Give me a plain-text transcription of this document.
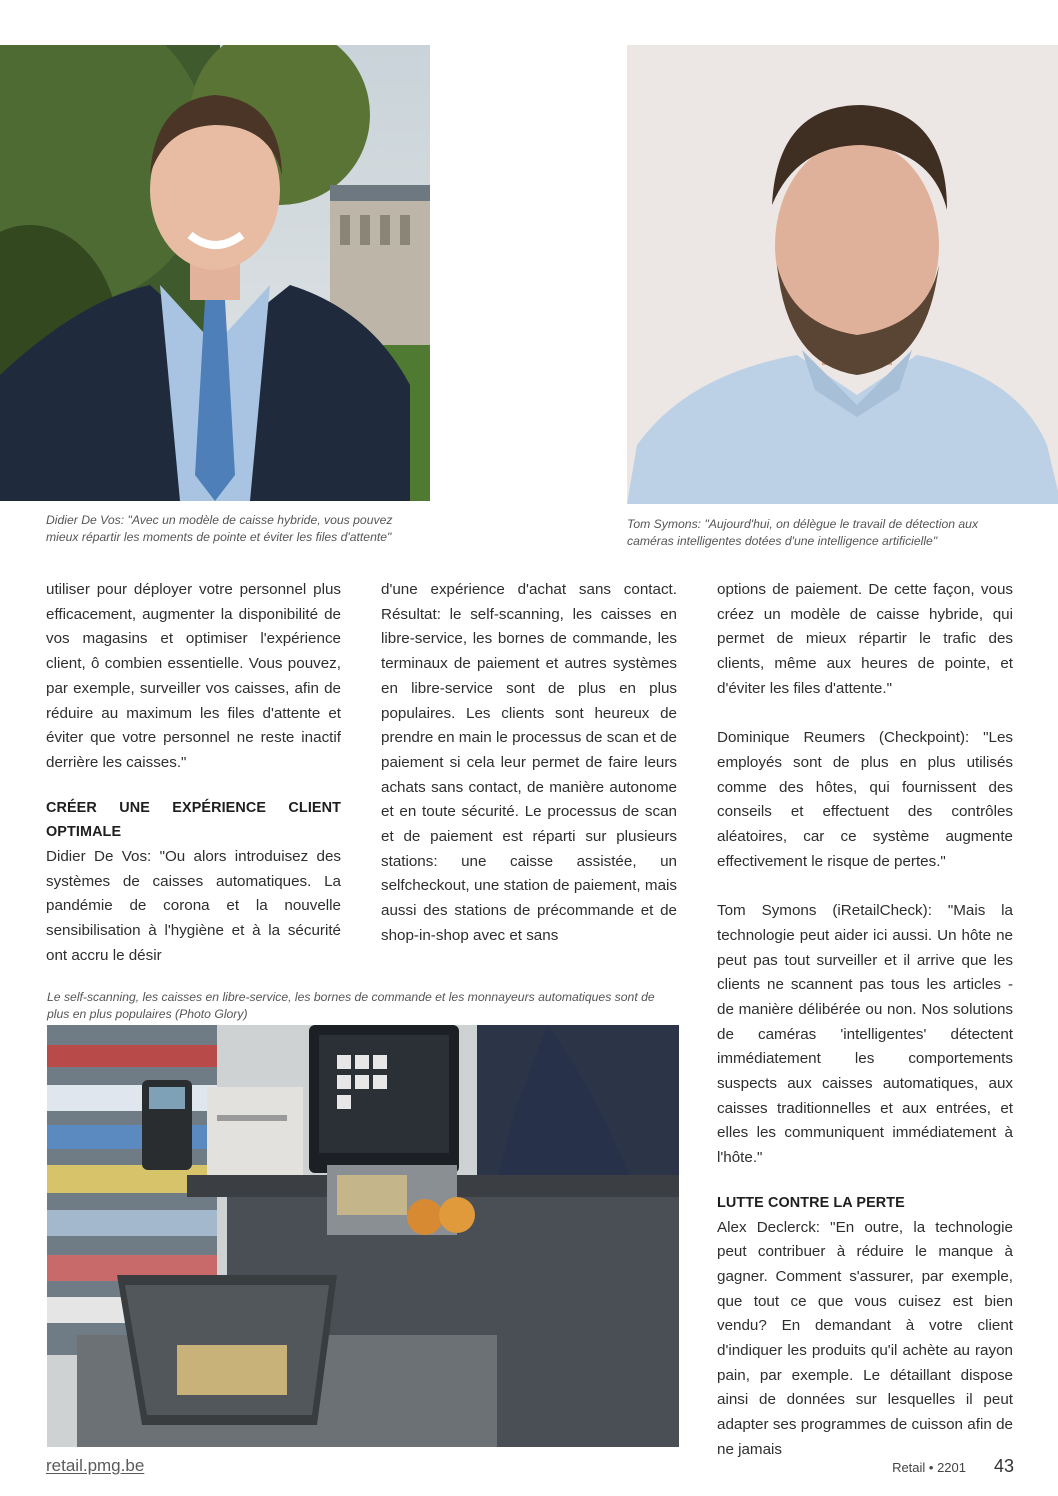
Didier De Vos: "Avec un modèle de caisse hybride, vous pouvez
mieux répartir les moments de pointe et éviter les files d'attente"
Tom Symons: "Aujourd'hui, on délègue le travail de détection aux
caméras intelligentes dotées d'une intelligence artificielle"

utiliser pour déployer votre personnel plus efficacement, augmenter la disponibilité de vos magasins et optimiser l'expérience client, ô combien essentielle. Vous pouvez, par exemple, surveiller vos caisses, afin de réduire au maximum les files d'attente et éviter que votre personnel ne reste inactif derrière les caisses."

CRÉER UNE EXPÉRIENCE CLIENT OPTIMALE

Didier De Vos: "Ou alors introduisez des systèmes de caisses automatiques. La pandémie de corona et la nouvelle sensibilisation à l'hygiène et à la sécurité ont accru le désir

d'une expérience d'achat sans contact. Résultat: le self-scanning, les caisses en libre-service, les bornes de commande, les terminaux de paiement et autres systèmes en libre-service sont de plus en plus populaires. Les clients sont heureux de prendre en main le processus de scan et de paiement si cela leur permet de faire leurs achats sans contact, de manière autonome et en toute sécurité. Le processus de scan et de paiement est réparti sur plusieurs stations: une caisse assistée, un selfcheckout, une station de paiement, mais aussi des stations de précommande et de shop-in-shop avec et sans

options de paiement. De cette façon, vous créez un modèle de caisse hybride, qui permet de mieux répartir le trafic des clients, même aux heures de pointe, et d'éviter les files d'attente."

Dominique Reumers (Checkpoint): "Les employés sont de plus en plus utilisés comme des hôtes, qui fournissent des conseils et effectuent des contrôles aléatoires, car ce système augmente effectivement le risque de pertes."

Tom Symons (iRetailCheck): "Mais la technologie peut aider ici aussi. Un hôte ne peut pas tout surveiller et il arrive que les clients ne scannent pas tous les articles - de manière délibérée ou non. Nos solutions de caméras 'intelligentes' détectent immédiatement les comportements suspects aux caisses automatiques, aux caisses traditionnelles et aux entrées, et elles les communiquent immédiatement à l'hôte."

LUTTE CONTRE LA PERTE

Alex Declerck: "En outre, la technologie peut contribuer à réduire le manque à gagner. Comment s'assurer, par exemple, que tout ce que vous cuisez est bien vendu? En demandant à votre client d'indiquer les produits qu'il achète au rayon pain, par exemple. Le détaillant dispose ainsi de données sur lesquelles il peut adapter ses programmes de cuisson afin de ne jamais

Le self-scanning, les caisses en libre-service, les bornes de commande et les monnayeurs automatiques sont de
plus en plus populaires (Photo Glory)
retail.pmg.be	Retail • 2201 43
